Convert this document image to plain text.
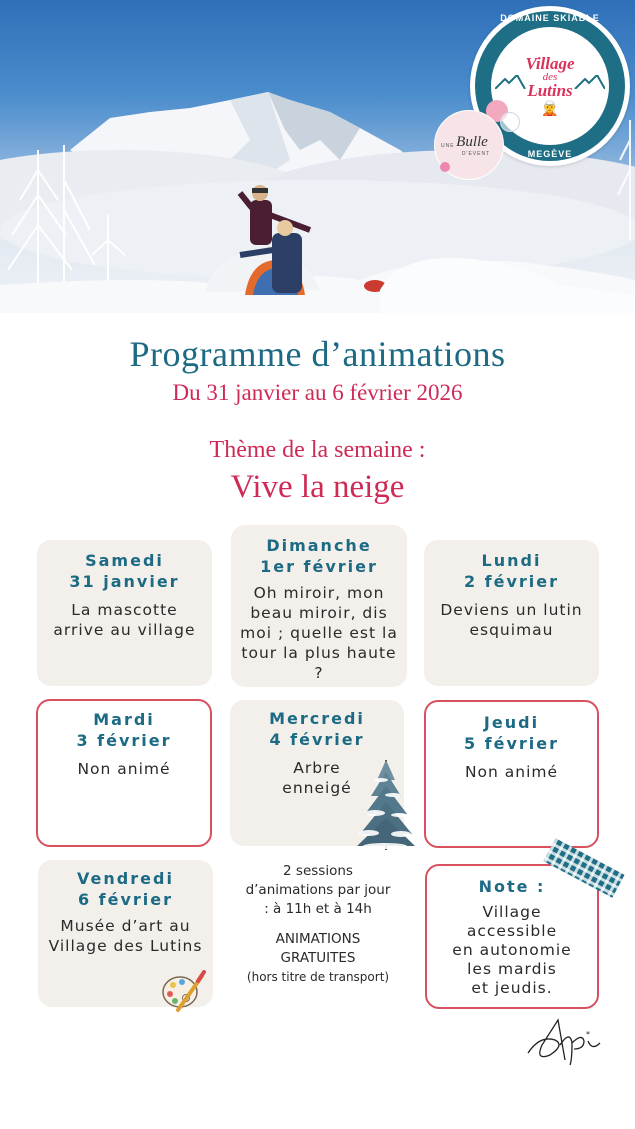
DOMAINE SKIABLE
Village
des
Lutins
🧝
MEGÈVE
UNE Bulle
D'EVENT
Programme d’animations
Du 31 janvier au 6 février 2026
Thème de la semaine :
Vive la neige
Samedi
31 janvier
La mascotte arrive au village
Dimanche
1er février
Oh miroir, mon beau miroir, dis moi ; quelle est la tour la plus haute ?
Lundi
2 février
Deviens un lutin esquimau
Mardi
3 février
Non animé
Mercredi
4 février
Arbre enneigé
Jeudi
5 février
Non animé
Vendredi
6 février
Musée d’art au Village des Lutins
2 sessions
d’animations par jour
: à 11h et à 14h
ANIMATIONS
GRATUITES
(hors titre de transport)
Note :
Village
accessible
en autonomie
les mardis
et jeudis.
*
